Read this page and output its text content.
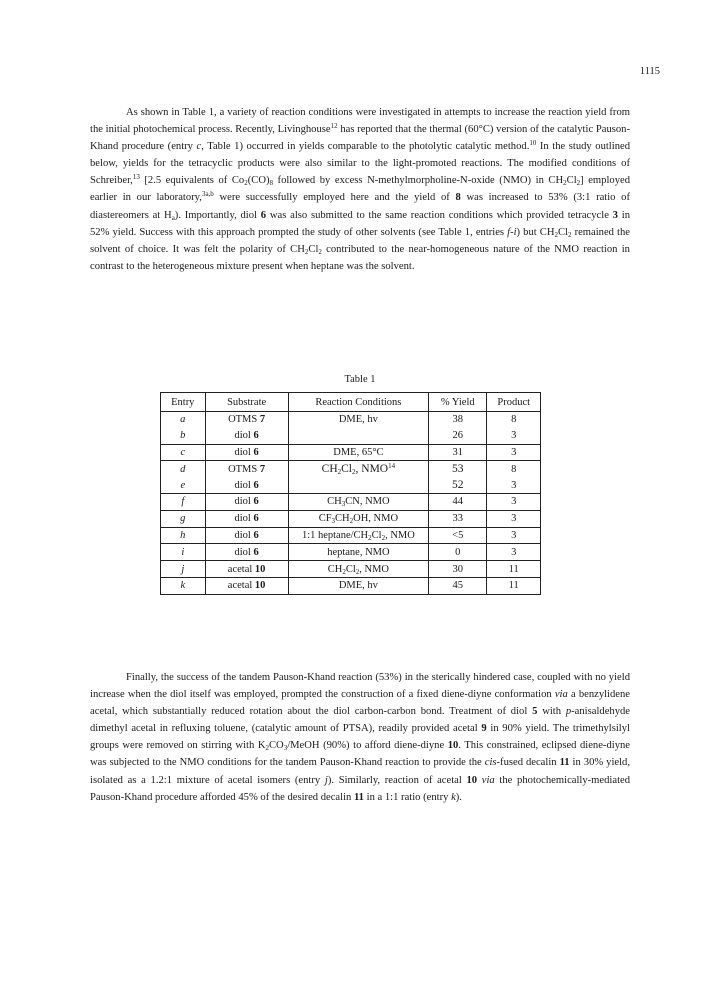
1115

As shown in Table 1, a variety of reaction conditions were investigated in attempts to increase the reaction yield from the initial photochemical process. Recently, Livinghouse$^{12}$ has reported that the thermal (60°C) version of the catalytic Pauson-Khand procedure (entry c, Table 1) occurred in yields comparable to the photolytic catalytic method.$^{10}$ In the study outlined below, yields for the tetracyclic products were also similar to the light-promoted reactions. The modified conditions of Schreiber,$^{13}$ [2.5 equivalents of $Co_2(CO)_8$ followed by excess N-methylmorpholine-N-oxide (NMO) in $CH_2Cl_2$] employed earlier in our laboratory,$^{3a,b}$ were successfully employed here and the yield of 8 was increased to 53% (3:1 ratio of diastereomers at $H_a$). Importantly, diol 6 was also submitted to the same reaction conditions which provided tetracycle 3 in 52% yield. Success with this approach prompted the study of other solvents (see Table 1, entries f-i) but $CH_2Cl_2$ remained the solvent of choice. It was felt the polarity of $CH_2Cl_2$ contributed to the near-homogeneous nature of the NMO reaction in contrast to the heterogeneous mixture present when heptane was the solvent.

Table 1
Entry	Substrate	Reaction Conditions	% Yield	Product
a	OTMS 7	DME, hv	38	8
b	diol 6		26	3
c	diol 6	DME, 65°C	31	3
d	OTMS 7	$CH_2Cl_2$, NMO$^{14}$	53	8
e	diol 6		52	3
f	diol 6	$CH_3CN$, NMO	44	3
g	diol 6	$CF_3CH_2OH$, NMO	33	3
h	diol 6	1:1 heptane/$CH_2Cl_2$, NMO	<5	3
i	diol 6	heptane, NMO	0	3
j	acetal 10	$CH_2Cl_2$, NMO	30	11
k	acetal 10	DME, hv	45	11

Finally, the success of the tandem Pauson-Khand reaction (53%) in the sterically hindered case, coupled with no yield increase when the diol itself was employed, prompted the construction of a fixed diene-diyne conformation via a benzylidene acetal, which substantially reduced rotation about the diol carbon-carbon bond. Treatment of diol 5 with p-anisaldehyde dimethyl acetal in refluxing toluene, (catalytic amount of PTSA), readily provided acetal 9 in 90% yield. The trimethylsilyl groups were removed on stirring with $K_2CO_3$/MeOH (90%) to afford diene-diyne 10. This constrained, eclipsed diene-diyne was subjected to the NMO conditions for the tandem Pauson-Khand reaction to provide the cis-fused decalin 11 in 30% yield, isolated as a 1.2:1 mixture of acetal isomers (entry j). Similarly, reaction of acetal 10 via the photochemically-mediated Pauson-Khand procedure afforded 45% of the desired decalin 11 in a 1:1 ratio (entry k).
